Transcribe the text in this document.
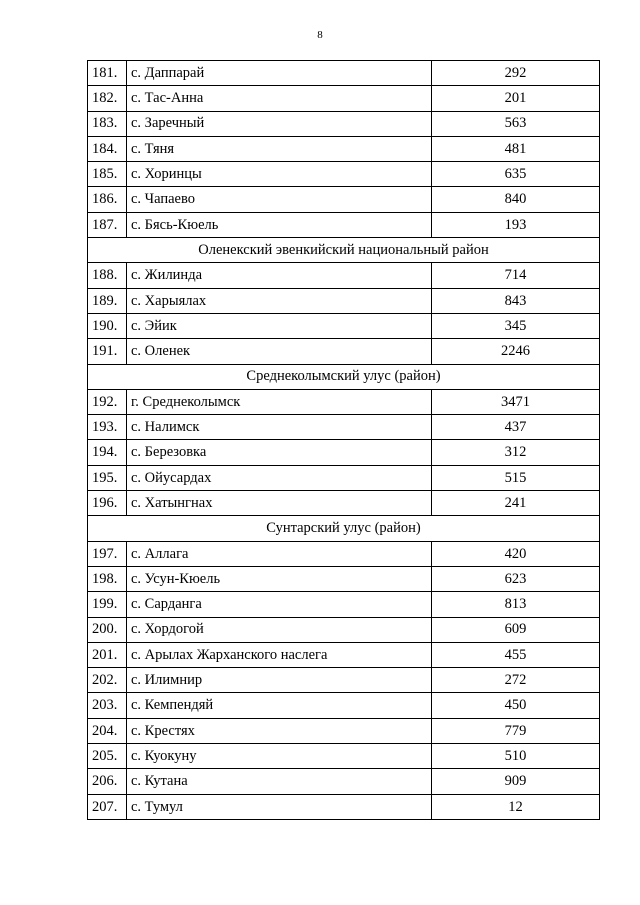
8
181.	с. Даппарай	292
182.	с. Тас-Анна	201
183.	с. Заречный	563
184.	с. Тяня	481
185.	с. Хоринцы	635
186.	с. Чапаево	840
187.	с. Бясь-Кюель	193
Оленекский эвенкийский национальный район		
188.	с. Жилинда	714
189.	с. Харыялах	843
190.	с. Эйик	345
191.	с. Оленек	2246
Среднеколымский улус (район)		
192.	г. Среднеколымск	3471
193.	с. Налимск	437
194.	с. Березовка	312
195.	с. Ойусардах	515
196.	с. Хатынгнах	241
Сунтарский улус (район)		
197.	с. Аллага	420
198.	с. Усун-Кюель	623
199.	с. Сарданга	813
200.	с. Хордогой	609
201.	с. Арылах Жарханского наслега	455
202.	с. Илимнир	272
203.	с. Кемпендяй	450
204.	с. Крестях	779
205.	с. Куокуну	510
206.	с. Кутана	909
207.	с. Тумул	12
